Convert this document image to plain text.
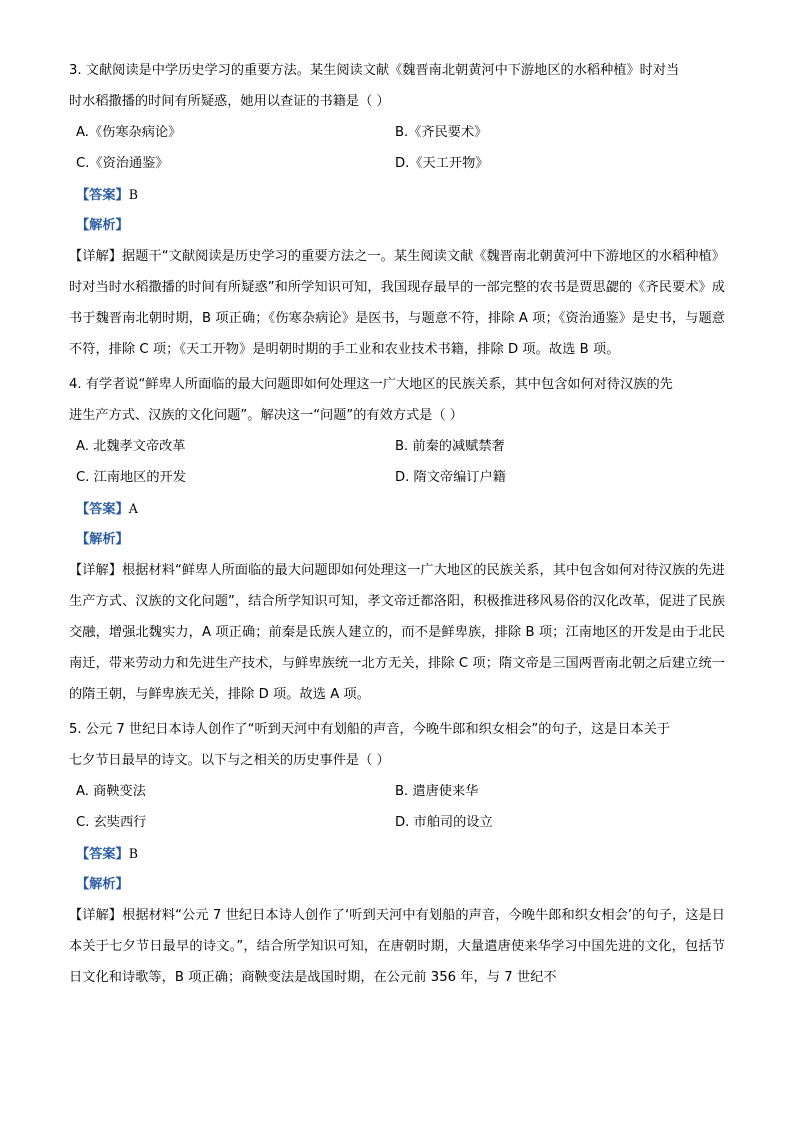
3. 文献阅读是中学历史学习的重要方法。某生阅读文献《魏晋南北朝黄河中下游地区的水稻种植》时对当
时水稻撒播的时间有所疑惑，她用以查证的书籍是（ ）
A.《伤寒杂病论》	B.《齐民要术》
C.《资治通鉴》	D.《天工开物》
【答案】B
【解析】
【详解】据题干“文献阅读是历史学习的重要方法之一。某生阅读文献《魏晋南北朝黄河中下游地区的水稻种植》时对当时水稻撒播的时间有所疑惑”和所学知识可知，我国现存最早的一部完整的农书是贾思勰的《齐民要术》成书于魏晋南北朝时期，B 项正确；《伤寒杂病论》是医书，与题意不符，排除 A 项；《资治通鉴》是史书，与题意不符，排除 C 项；《天工开物》是明朝时期的手工业和农业技术书籍，排除 D 项。故选 B 项。
4. 有学者说“鲜卑人所面临的最大问题即如何处理这一广大地区的民族关系，其中包含如何对待汉族的先
进生产方式、汉族的文化问题”。解决这一“问题”的有效方式是（ ）
A. 北魏孝文帝改革	B. 前秦的减赋禁奢
C. 江南地区的开发	D. 隋文帝编订户籍
【答案】A
【解析】
【详解】根据材料“鲜卑人所面临的最大问题即如何处理这一广大地区的民族关系，其中包含如何对待汉族的先进生产方式、汉族的文化问题”，结合所学知识可知，孝文帝迁都洛阳，积极推进移风易俗的汉化改革，促进了民族交融，增强北魏实力，A 项正确；前秦是氐族人建立的，而不是鲜卑族，排除 B 项；江南地区的开发是由于北民南迁，带来劳动力和先进生产技术，与鲜卑族统一北方无关，排除 C 项；隋文帝是三国两晋南北朝之后建立统一的隋王朝，与鲜卑族无关，排除 D 项。故选 A 项。
5. 公元 7 世纪日本诗人创作了“听到天河中有划船的声音，今晚牛郎和织女相会”的句子，这是日本关于
七夕节日最早的诗文。以下与之相关的历史事件是（ ）
A. 商鞅变法	B. 遣唐使来华
C. 玄奘西行	D. 市舶司的设立
【答案】B
【解析】
【详解】根据材料“公元 7 世纪日本诗人创作了‘听到天河中有划船的声音，今晚牛郎和织女相会’的句子，这是日本关于七夕节日最早的诗文。”，结合所学知识可知，在唐朝时期，大量遣唐使来华学习中国先进的文化，包括节日文化和诗歌等，B 项正确；商鞅变法是战国时期，在公元前 356 年，与 7 世纪不
